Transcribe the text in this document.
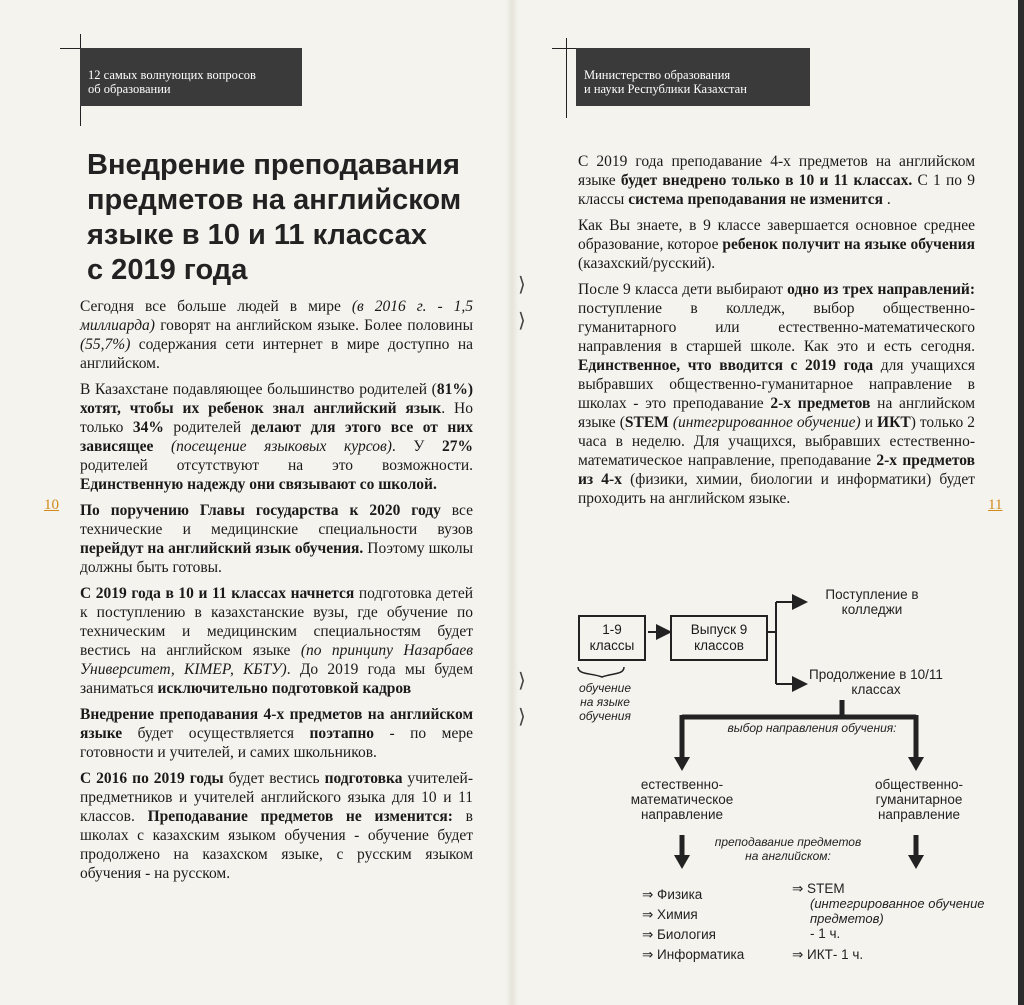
12 самых волнующих вопросов
об образовании
Внедрение преподавания
предметов на английском
языке в 10 и 11 классах
с 2019 года

Сегодня все больше людей в мире (в 2016 г. - 1,5 миллиарда) говорят на английском языке. Более половины (55,7%) содержания сети интернет в мире доступно на английском.

В Казахстане подавляющее большинство родителей (81%) хотят, чтобы их ребенок знал английский язык. Но только 34% родителей делают для этого все от них зависящее (посещение языковых курсов). У 27% родителей отсутствуют на это возможности. Единственную надежду они связывают со школой.

По поручению Главы государства к 2020 году все технические и медицинские специальности вузов перейдут на английский язык обучения. Поэтому школы должны быть готовы.

С 2019 года в 10 и 11 классах начнется подготовка детей к поступлению в казахстанские вузы, где обучение по техническим и медицинским специальностям будет вестись на английском языке (по принципу Назарбаев Университет, КIМЕР, КБТУ). До 2019 года мы будем заниматься исключительно подготовкой кадров

Внедрение преподавания 4-х предметов на английском языке будет осуществляется поэтапно - по мере готовности и учителей, и самих школьников.

С 2016 по 2019 годы будет вестись подготовка учителей-предметников и учителей английского языка для 10 и 11 классов. Преподавание предметов не изменится: в школах с казахским языком обучения - обучение будет продолжено на казахском языке, с русским языком обучения - на русском.

10
Министерство образования
и науки Республики Казахстан
⟩
⟩
⟩
⟩

С 2019 года преподавание 4-х предметов на английском языке будет внедрено только в 10 и 11 классах. С 1 по 9 классы система преподавания не изменится .

Как Вы знаете, в 9 классе завершается основное среднее образование, которое ребенок получит на языке обучения (казахский/русский).

После 9 класса дети выбирают одно из трех направлений: поступление в колледж, выбор общественно-гуманитарного или естественно-математического направления в старшей школе. Как это и есть сегодня. Единственное, что вводится с 2019 года для учащихся выбравших общественно-гуманитарное направление в школах - это преподавание 2-х предметов на английском языке (STEM (интегрированное обучение) и ИКТ) только 2 часа в неделю. Для учащихся, выбравших естественно-математическое направление, преподавание 2-х предметов из 4-х (физики, химии, биологии и информатики) будет проходить на английском языке.	11
1-9 классы
Выпуск 9 классов
Поступление в колледжи
Продолжение в 10/11 классах
обучение на языке обучения
выбор направления обучения:
естественно-математическое направление
общественно-гуманитарное направление
преподавание предметов на английском:
⇒ Физика
⇒ Химия
⇒ Биология
⇒ Информатика
⇒ STEM
(интегрированное обучение предметов)
- 1 ч.
⇒ ИКТ- 1 ч.
